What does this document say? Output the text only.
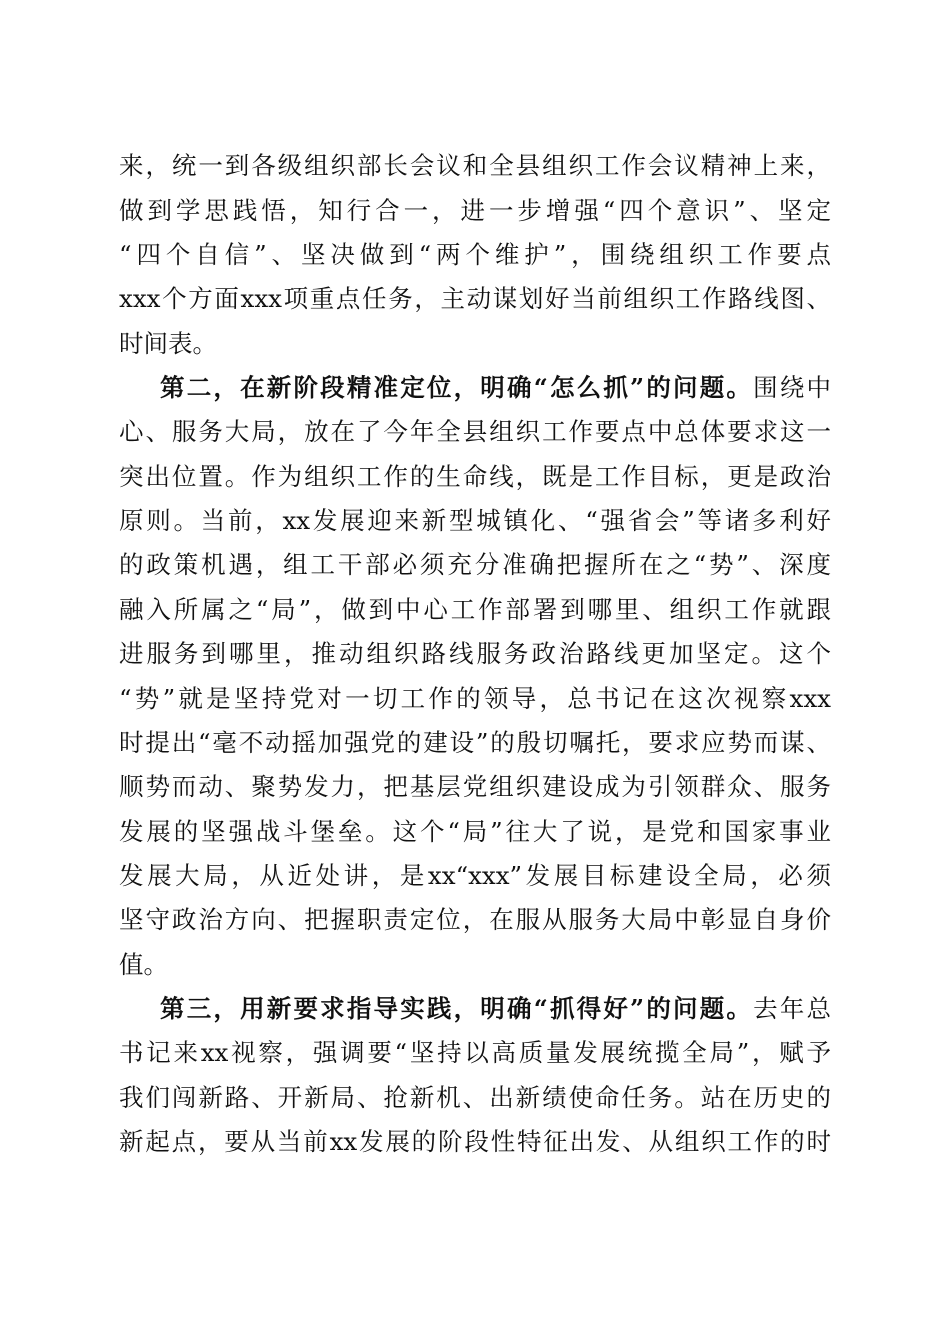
来，统一到各级组织部长会议和全县组织工作会议精神上来，
做到学思践悟，知行合一，进一步增强“四个意识”、坚定
“四个自信”、坚决做到“两个维护”，围绕组织工作要点
xxx个方面xxx项重点任务，主动谋划好当前组织工作路线图、
时间表。
第二，在新阶段精准定位，明确“怎么抓”的问题。围绕中
心、服务大局，放在了今年全县组织工作要点中总体要求这一
突出位置。作为组织工作的生命线，既是工作目标，更是政治
原则。当前，xx发展迎来新型城镇化、“强省会”等诸多利好
的政策机遇，组工干部必须充分准确把握所在之“势”、深度
融入所属之“局”，做到中心工作部署到哪里、组织工作就跟
进服务到哪里，推动组织路线服务政治路线更加坚定。这个
“势”就是坚持党对一切工作的领导，总书记在这次视察xxx
时提出“毫不动摇加强党的建设”的殷切嘱托，要求应势而谋、
顺势而动、聚势发力，把基层党组织建设成为引领群众、服务
发展的坚强战斗堡垒。这个“局”往大了说，是党和国家事业
发展大局，从近处讲，是xx“xxx”发展目标建设全局，必须
坚守政治方向、把握职责定位，在服从服务大局中彰显自身价
值。
第三，用新要求指导实践，明确“抓得好”的问题。去年总
书记来xx视察，强调要“坚持以高质量发展统揽全局”，赋予
我们闯新路、开新局、抢新机、出新绩使命任务。站在历史的
新起点，要从当前xx发展的阶段性特征出发、从组织工作的时
